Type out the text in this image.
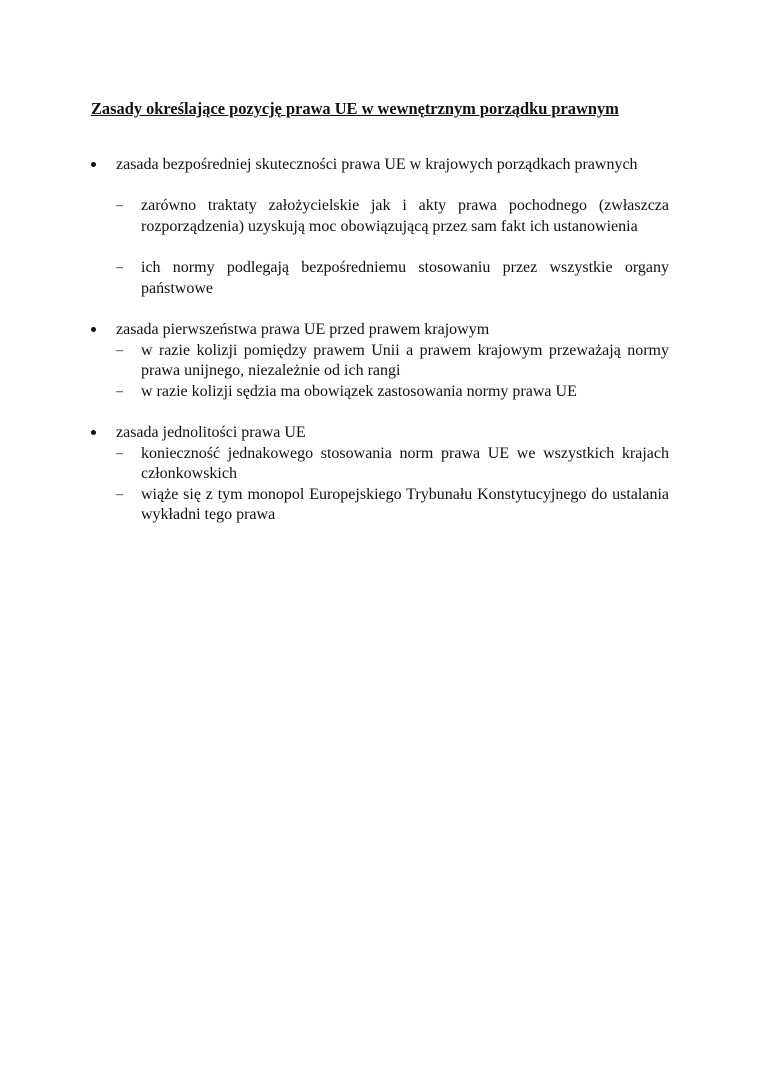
Zasady określające pozycję prawa UE w wewnętrznym porządku prawnym
zasada bezpośredniej skuteczności prawa UE w krajowych porządkach prawnych
– zarówno traktaty założycielskie jak i akty prawa pochodnego (zwłaszcza rozporządzenia) uzyskują moc obowiązującą przez sam fakt ich ustanowienia
– ich normy podlegają bezpośredniemu stosowaniu przez wszystkie organy państwowe
zasada pierwszeństwa prawa UE przed prawem krajowym
– w razie kolizji pomiędzy prawem Unii a prawem krajowym przeważają normy prawa unijnego, niezależnie od ich rangi
– w razie kolizji sędzia ma obowiązek zastosowania normy prawa UE
zasada jednolitości prawa UE
– konieczność jednakowego stosowania norm prawa UE we wszystkich krajach członkowskich
– wiąże się z tym monopol Europejskiego Trybunału Konstytucyjnego do ustalania wykładni tego prawa
